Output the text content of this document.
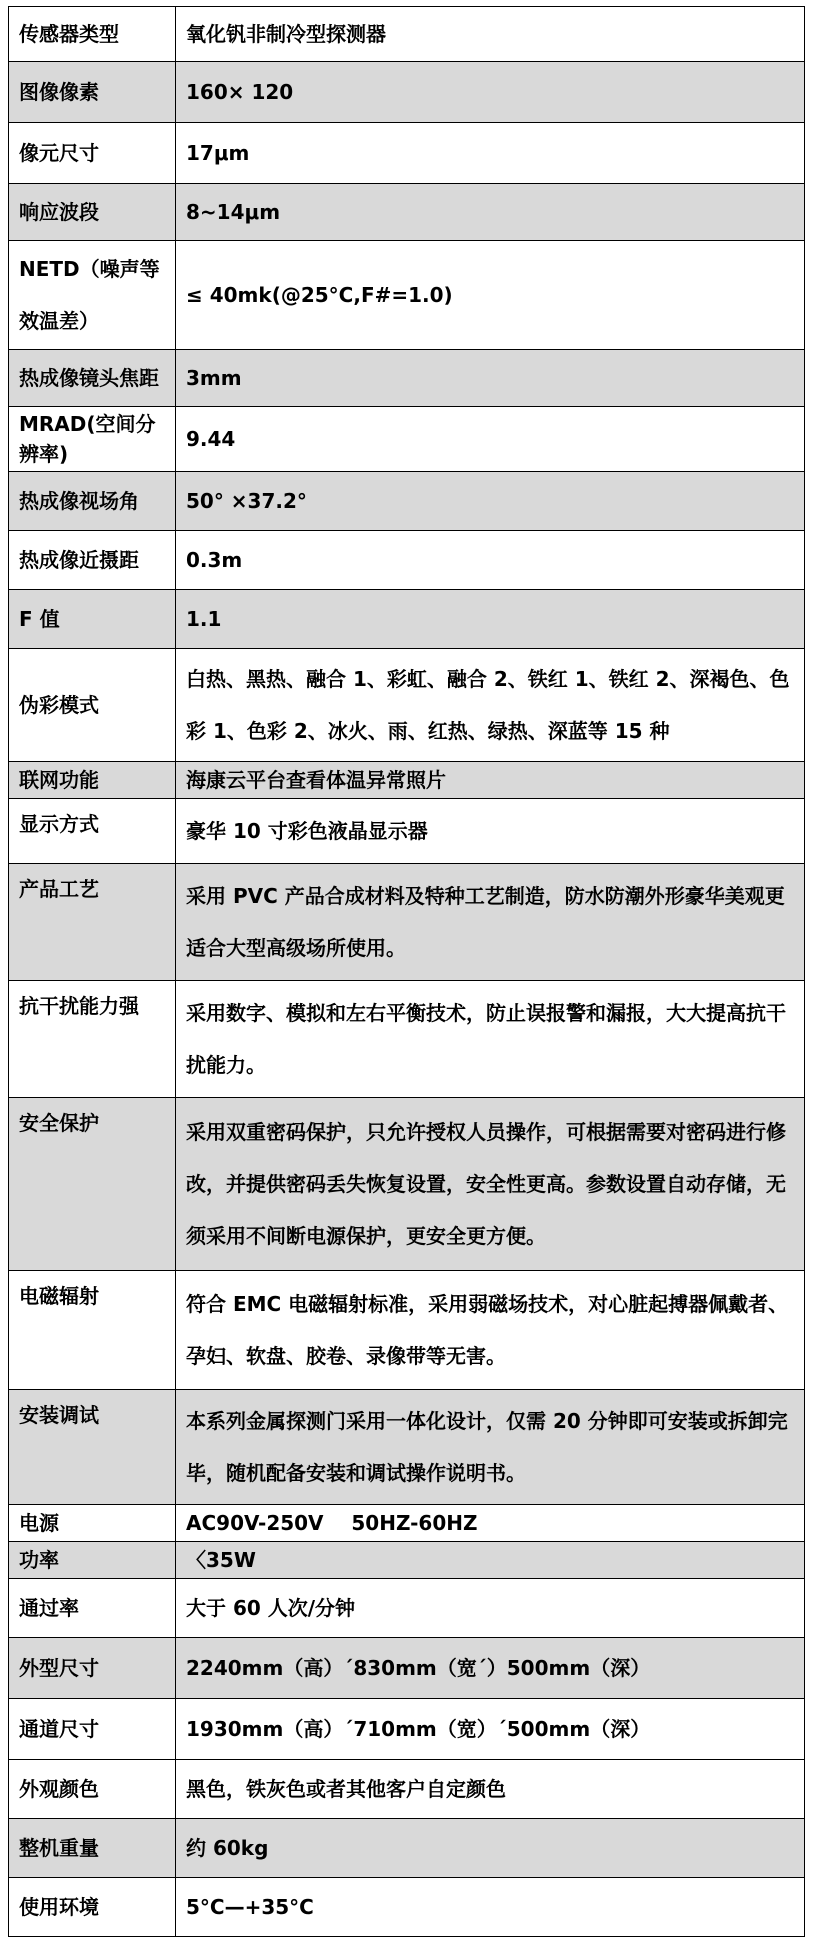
传感器类型	氧化钒非制冷型探测器
图像像素	160× 120
像元尺寸	17μm
响应波段	8~14μm
NETD（噪声等效温差）	≤ 40mk(@25°C,F#=1.0)
热成像镜头焦距	3mm
MRAD(空间分辨率)	9.44
热成像视场角	50° ×37.2°
热成像近摄距	0.3m
F 值	1.1
伪彩模式	白热、黑热、融合 1、彩虹、融合 2、铁红 1、铁红 2、深褐色、色彩 1、色彩 2、冰火、雨、红热、绿热、深蓝等 15 种
联网功能	海康云平台查看体温异常照片
显示方式	豪华 10 寸彩色液晶显示器
产品工艺	采用 PVC 产品合成材料及特种工艺制造，防水防潮外形豪华美观更适合大型高级场所使用。
抗干扰能力强	采用数字、模拟和左右平衡技术，防止误报警和漏报，大大提高抗干扰能力。
安全保护	采用双重密码保护，只允许授权人员操作，可根据需要对密码进行修改，并提供密码丢失恢复设置，安全性更高。参数设置自动存储，无须采用不间断电源保护，更安全更方便。
电磁辐射	符合 EMC 电磁辐射标准，采用弱磁场技术，对心脏起搏器佩戴者、孕妇、软盘、胶卷、录像带等无害。
安装调试	本系列金属探测门采用一体化设计，仅需 20 分钟即可安装或拆卸完毕，随机配备安装和调试操作说明书。
电源	AC90V-250V    50HZ-60HZ
功率	〈35W
通过率	大于 60 人次/分钟
外型尺寸	2240mm（高）´830mm（宽´）500mm（深）
通道尺寸	1930mm（高）´710mm（宽）´500mm（深）
外观颜色	黑色，铁灰色或者其他客户自定颜色
整机重量	约 60kg
使用环境	5°C—+35°C
